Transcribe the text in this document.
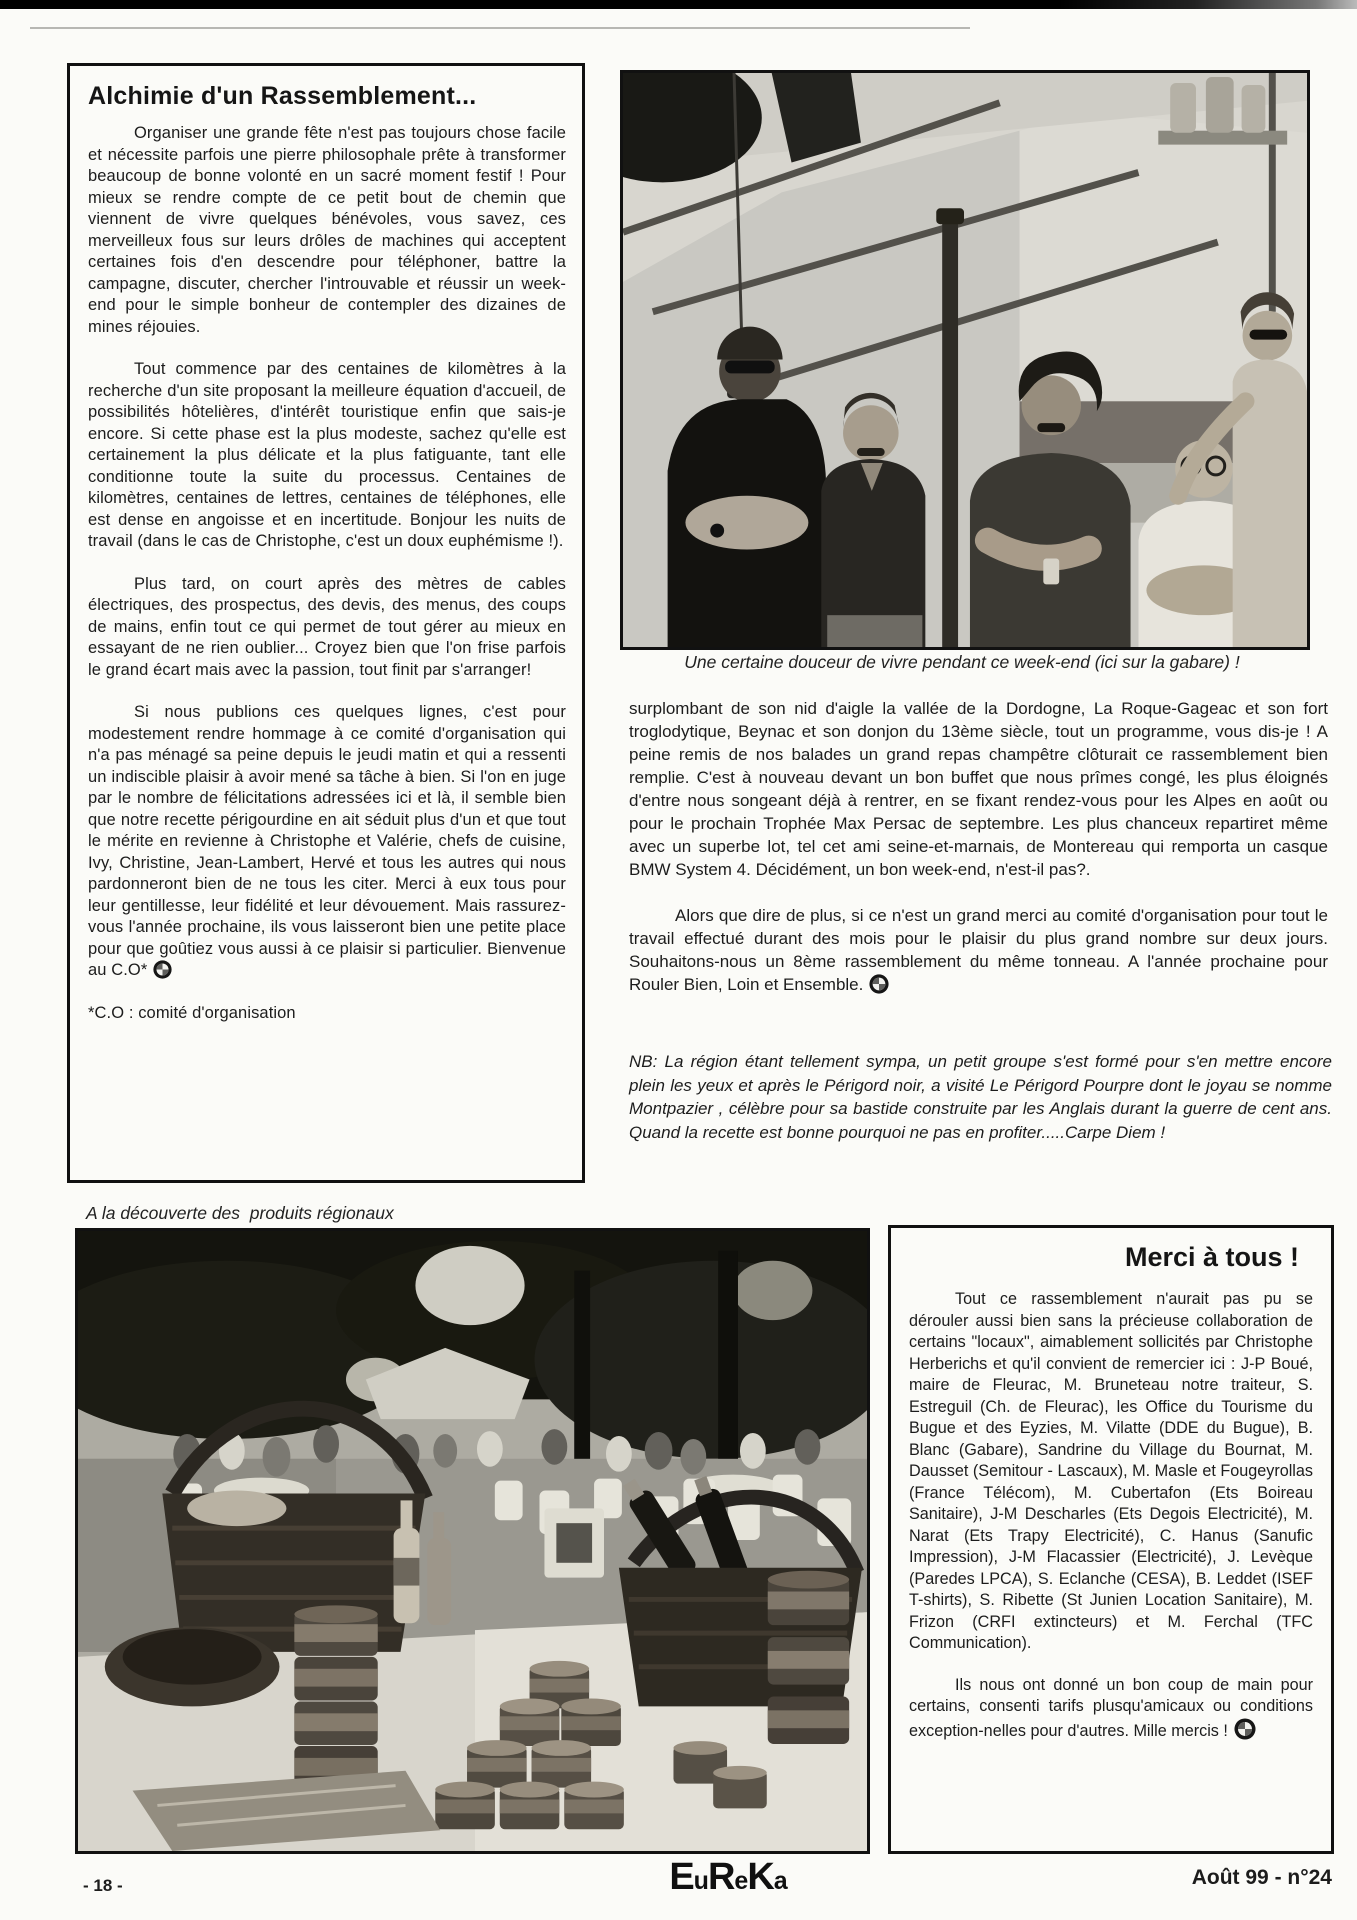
Alchimie d'un Rassemblement...

Organiser une grande fête n'est pas toujours chose facile et nécessite parfois une pierre philosophale prête à transformer beaucoup de bonne volonté en un sacré moment festif ! Pour mieux se rendre compte de ce petit bout de chemin que viennent de vivre quelques bénévoles, vous savez, ces merveilleux fous sur leurs drôles de machines qui acceptent certaines fois d'en descendre pour téléphoner, battre la campagne, discuter, chercher l'introuvable et réussir un week-end pour le simple bonheur de contempler des dizaines de mines réjouies.

Tout commence par des centaines de kilomètres à la recherche d'un site proposant la meilleure équation d'accueil, de possibilités hôtelières, d'intérêt touristique enfin que sais-je encore. Si cette phase est la plus modeste, sachez qu'elle est certainement la plus délicate et la plus fatiguante, tant elle conditionne toute la suite du processus. Centaines de kilomètres, centaines de lettres, centaines de téléphones, elle est dense en angoisse et en incertitude. Bonjour les nuits de travail (dans le cas de Christophe, c'est un doux euphémisme !).

Plus tard, on court après des mètres de cables électriques, des prospectus, des devis, des menus, des coups de mains, enfin tout ce qui permet de tout gérer au mieux en essayant de ne rien oublier... Croyez bien que l'on frise parfois le grand écart mais avec la passion, tout finit par s'arranger!

Si nous publions ces quelques lignes, c'est pour modestement rendre hommage à ce comité d'organisation qui n'a pas ménagé sa peine depuis le jeudi matin et qui a ressenti un indiscible plaisir à avoir mené sa tâche à bien. Si l'on en juge par le nombre de félicitations adressées ici et là, il semble bien que notre recette périgourdine en ait séduit plus d'un et que tout le mérite en revienne à Christophe et Valérie, chefs de cuisine, Ivy, Christine, Jean-Lambert, Hervé et tous les autres qui nous pardonneront bien de ne tous les citer. Merci à eux tous pour leur gentillesse, leur fidélité et leur dévouement. Mais rassurez-vous l'année prochaine, ils vous laisseront bien une petite place pour que goûtiez vous aussi à ce plaisir si particulier. Bienvenue au C.O*

*C.O : comité d'organisation

Une certaine douceur de vivre pendant ce week-end (ici sur la gabare) !

surplombant de son nid d'aigle la vallée de la Dordogne, La Roque-Gageac et son fort troglodytique, Beynac et son donjon du 13ème siècle, tout un programme, vous dis-je ! A peine remis de nos balades un grand repas champêtre clôturait ce rassemblement bien remplie. C'est à nouveau devant un bon buffet que nous prîmes congé, les plus éloignés d'entre nous songeant déjà à rentrer, en se fixant rendez-vous pour les Alpes en août ou pour le prochain Trophée Max Persac de septembre. Les plus chanceux repartiret même avec un superbe lot, tel cet ami seine-et-marnais, de Montereau qui remporta un casque BMW System 4. Décidément, un bon week-end, n'est-il pas?.

Alors que dire de plus, si ce n'est un grand merci au comité d'organisation pour tout le travail effectué durant des mois pour le plaisir du plus grand nombre sur deux jours. Souhaitons-nous un 8ème rassemblement du même tonneau. A l'année prochaine pour Rouler Bien, Loin et Ensemble.

NB: La région étant tellement sympa, un petit groupe s'est formé pour s'en mettre encore plein les yeux et après le Périgord noir, a visité Le Périgord Pourpre dont le joyau se nomme Montpazier , célèbre pour sa bastide construite par les Anglais durant la guerre de cent ans. Quand la recette est bonne pourquoi ne pas en profiter.....Carpe Diem !
A la découverte des  produits régionaux
Merci à tous !

Tout ce rassemblement n'aurait pas pu se dérouler aussi bien sans la précieuse collaboration de certains "locaux", aimablement sollicités par Christophe Herberichs et qu'il convient de remercier ici : J-P Boué, maire de Fleurac, M. Bruneteau notre traiteur, S. Estreguil (Ch. de Fleurac), les Office du Tourisme du Bugue et des Eyzies, M. Vilatte (DDE du Bugue), B. Blanc (Gabare), Sandrine du Village du Bournat, M. Dausset (Semitour - Lascaux), M. Masle et Fougeyrollas (France Télécom), M. Cubertafon (Ets Boireau Sanitaire), J-M Descharles (Ets Degois Electricité), M. Narat (Ets Trapy Electricité), C. Hanus (Sanufic Impression), J-M Flacassier (Electricité), J. Levèque (Paredes LPCA), S. Eclanche (CESA), B. Leddet (ISEF T-shirts), S. Ribette (St Junien Location Sanitaire), M. Frizon (CRFI extincteurs) et M. Ferchal (TFC Communication).

Ils nous ont donné un bon coup de main pour certains, consenti tarifs plusqu'amicaux ou conditions exception-nelles pour d'autres. Mille mercis !

- 18 -	EuReKa	Août 99 - n°24
